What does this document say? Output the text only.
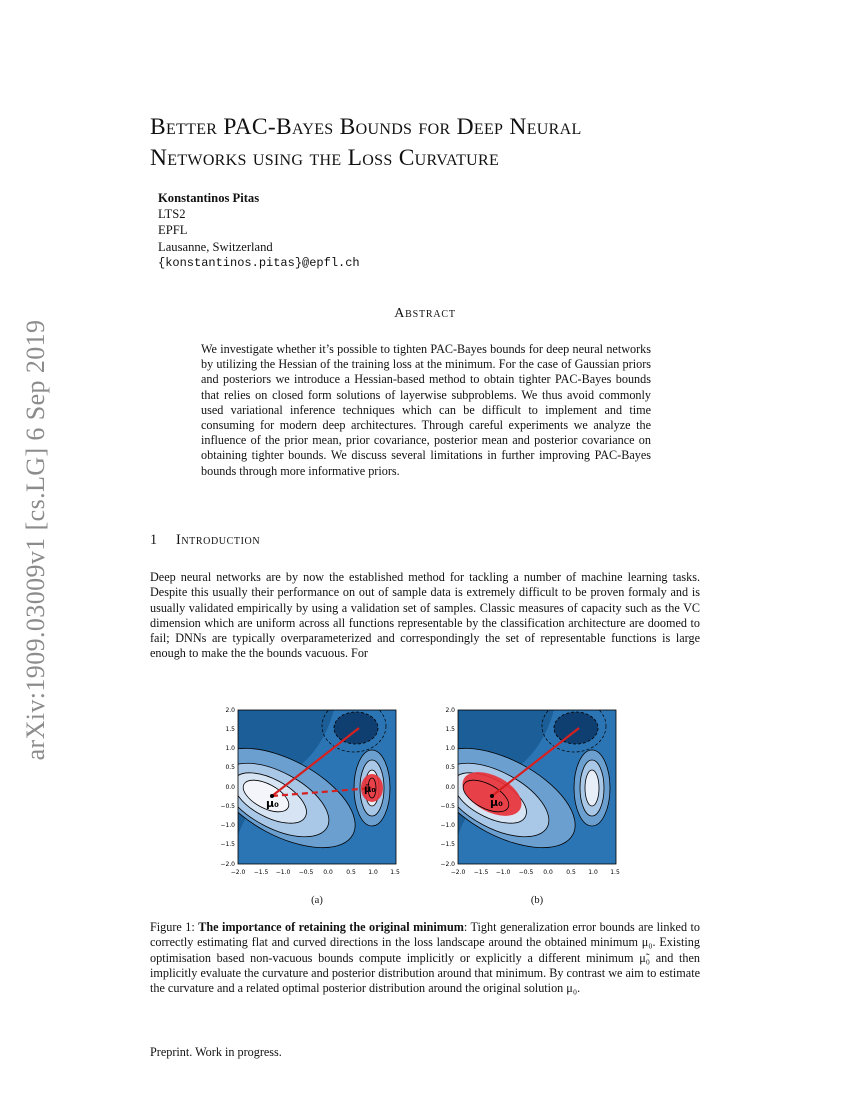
arXiv:1909.03009v1 [cs.LG] 6 Sep 2019
Better PAC-Bayes Bounds for Deep Neural
Networks using the Loss Curvature
Konstantinos Pitas
LTS2
EPFL
Lausanne, Switzerland
{konstantinos.pitas}@epfl.ch
Abstract
We investigate whether it’s possible to tighten PAC-Bayes bounds for deep neural networks by utilizing the Hessian of the training loss at the minimum. For the case of Gaussian priors and posteriors we introduce a Hessian-based method to obtain tighter PAC-Bayes bounds that relies on closed form solutions of layerwise subproblems. We thus avoid commonly used variational inference techniques which can be difficult to implement and time consuming for modern deep architectures. Through careful experiments we analyze the influence of the prior mean, prior covariance, posterior mean and posterior covariance on obtaining tighter bounds. We discuss several limitations in further improving PAC-Bayes bounds through more informative priors.
1 Introduction
Deep neural networks are by now the established method for tackling a number of machine learning tasks. Despite this usually their performance on out of sample data is extremely difficult to be proven formaly and is usually validated empirically by using a validation set of samples. Classic measures of capacity such as the VC dimension which are uniform across all functions representable by the classification architecture are doomed to fail; DNNs are typically overparameterized and correspondingly the set of representable functions is large enough to make the the bounds vacuous. For
μ₀
μ̃₀
2.0
1.5
1.0
0.5
0.0
−0.5
−1.0
−1.5
−2.0
−2.0 −1.5 −1.0 −0.5 0.0 0.5 1.0 1.5
μ₀
2.0
1.5
1.0
0.5
0.0
−0.5
−1.0
−1.5
−2.0
−2.0 −1.5 −1.0 −0.5 0.0 0.5 1.0 1.5
(a)	(b)
Figure 1: The importance of retaining the original minimum: Tight generalization error bounds are linked to correctly estimating flat and curved directions in the loss landscape around the obtained minimum μ₀. Existing optimisation based non-vacuous bounds compute implicitly or explicitly a different minimum μ̃₀ and then implicitly evaluate the curvature and posterior distribution around that minimum. By contrast we aim to estimate the curvature and a related optimal posterior distribution around the original solution μ₀.
Preprint. Work in progress.
